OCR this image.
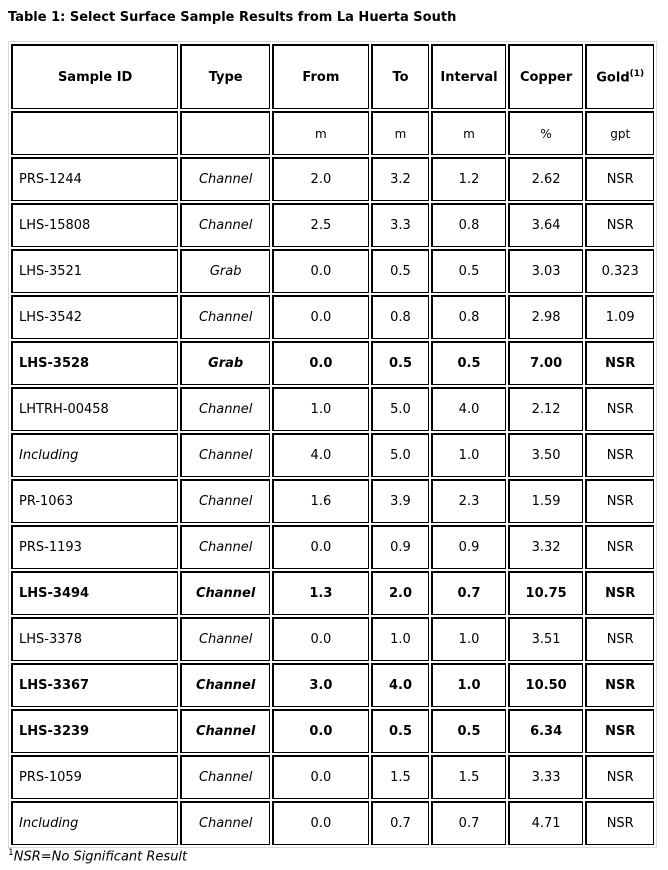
Table 1: Select Surface Sample Results from La Huerta South
Sample ID	Type	From	To	Interval	Copper	Gold$^{(1)}$
		m	m	m	%	gpt
PRS-1244	Channel	2.0	3.2	1.2	2.62	NSR
LHS-15808	Channel	2.5	3.3	0.8	3.64	NSR
LHS-3521	Grab	0.0	0.5	0.5	3.03	0.323
LHS-3542	Channel	0.0	0.8	0.8	2.98	1.09
LHS-3528	Grab	0.0	0.5	0.5	7.00	NSR
LHTRH-00458	Channel	1.0	5.0	4.0	2.12	NSR
Including	Channel	4.0	5.0	1.0	3.50	NSR
PR-1063	Channel	1.6	3.9	2.3	1.59	NSR
PRS-1193	Channel	0.0	0.9	0.9	3.32	NSR
LHS-3494	Channel	1.3	2.0	0.7	10.75	NSR
LHS-3378	Channel	0.0	1.0	1.0	3.51	NSR
LHS-3367	Channel	3.0	4.0	1.0	10.50	NSR
LHS-3239	Channel	0.0	0.5	0.5	6.34	NSR
PRS-1059	Channel	0.0	1.5	1.5	3.33	NSR
Including	Channel	0.0	0.7	0.7	4.71	NSR
$^1$NSR=No Significant Result
